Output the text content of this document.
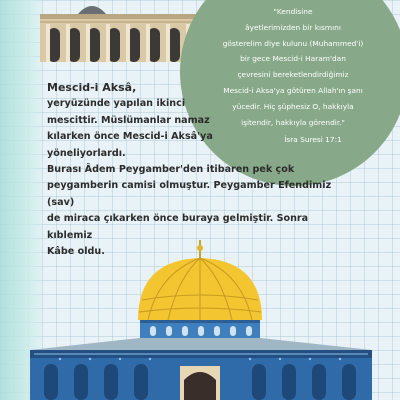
"Kendisine
âyetlerimizden bir kısmını
gösterelim diye kulunu (Muhammed'i)
bir gece Mescid-i Haram'dan
çevresini bereketlendirdiğimiz
Mescid-i Aksa'ya götüren Allah'ın şanı
yücedir. Hiç şüphesiz O, hakkıyla
işitendir, hakkıyla görendir."
İsra Suresi 17:1

Mescid-i Aksâ,

yeryüzünde yapılan ikinci

mescittir. Müslümanlar namaz

kılarken önce Mescid-i Aksâ'ya

yöneliyorlardı.

Burası Âdem Peygamber'den itibaren pek çok

peygamberin camisi olmuştur. Peygamber Efendimiz (sav)

de miraca çıkarken önce buraya gelmiştir. Sonra kıblemiz

Kâbe oldu.
